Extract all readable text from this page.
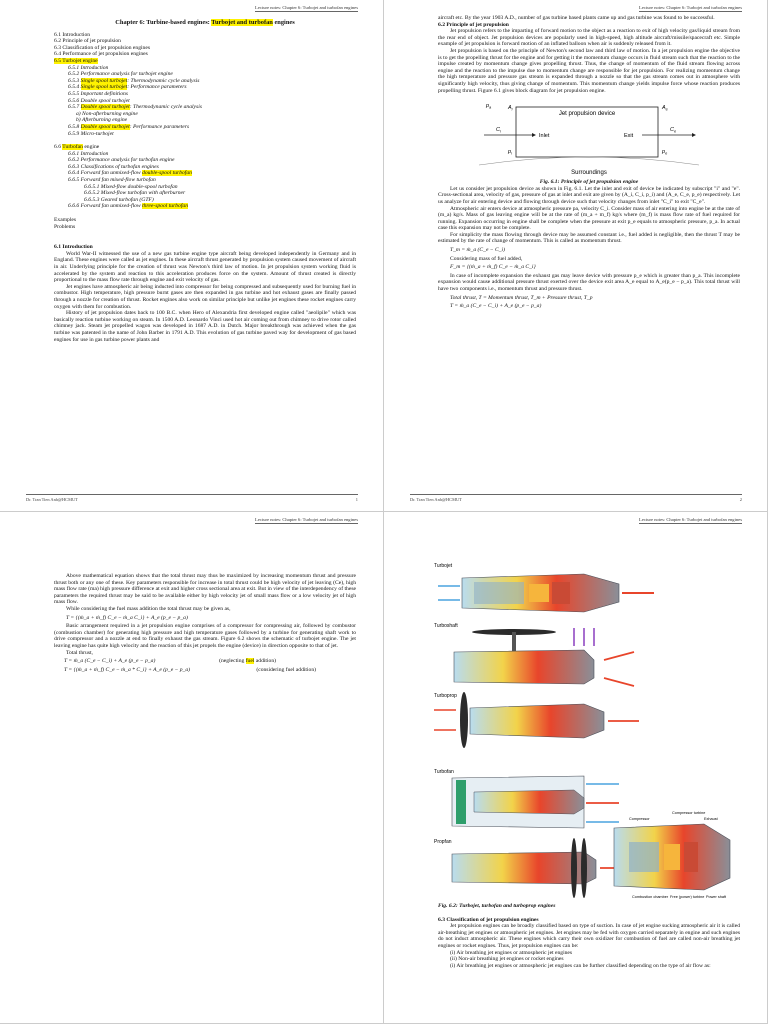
Lecture notes: Chapter 6: Turbojet and turbofan engines
Chapter 6: Turbine-based engines: Turbojet and turbofan engines
6.1 Introduction
6.2 Principle of jet propulsion
6.3 Classification of jet propulsion engines
6.4 Performance of jet propulsion engines
6.5 Turbojet engine
6.5.1 Introduction
6.5.2 Performance analysis for turbojet engine
6.5.3 Single spool turbojet: Thermodynamic cycle analysis
6.5.4 Single spool turbojet: Performance parameters
6.5.5 Important definitions
6.5.6 Double spool turbojet
6.5.7 Double spool turbojet: Thermodynamic cycle analysis
a) Non-afterburning engine
b) Afterburning engine
6.5.8 Double spool turbojet: Performance parameters
6.5.9 Micro-turbojet
6.6 Turbofan engine
6.6.1 Introduction
6.6.2 Performance analysis for turbofan engine
6.6.3 Classifications of turbofan engines
6.6.4 Forward fan unmixed-flow double-spool turbofan
6.6.5 Forward fan mixed-flow turbofan
6.6.5.1 Mixed-flow double-spool turbofan
6.6.5.2 Mixed-flow turbofan with afterburner
6.6.5.3 Geared turbofan (GTF)
6.6.6 Forward fan unmixed-flow three-spool turbofan
Examples
Problems
6.1 Introduction

World War-II witnessed the use of a new gas turbine engine type aircraft being developed independently in Germany and in England. These engines were called as jet engines. In these aircraft thrust generated by propulsion system caused movement of aircraft in air. Underlying principle for the creation of thrust was Newton's third law of motion. In jet propulsion system working fluid is accelerated by the system and reaction to this acceleration produces force on the system. Amount of thrust created is directly proportional to the mass flow rate through engine and exit velocity of gas.

Jet engines have atmospheric air being inducted into compressor for being compressed and subsequently used for burning fuel in combustor. High temperature, high pressure burnt gases are then expanded in gas turbine and hot exhaust gases are finally passed through a nozzle for creation of thrust. Rocket engines also work on similar principle but unlike jet engines these rocket engines carry oxygen with them for combustion.

History of jet propulsion dates back to 100 B.C. when Hero of Alexandria first developed engine called "aeolipile" which was basically reaction turbine working on steam. In 1500 A.D. Leonardo Vinci used hot air coming out from chimney to drive rotor called chimney jack. Steam jet propelled wagon was developed in 1687 A.D. in Dutch. Major breakthrough was achieved when the gas turbine was patented in the name of John Barber in 1791 A.D. This evolution of gas turbine paved way for development of gas based engines for use in gas turbine power plants and

Dr. Tran Tien Anh@HCMUT	1
Lecture notes: Chapter 6: Turbojet and turbofan engines

aircraft etc. By the year 1903 A.D., number of gas turbine based plants came up and gas turbine was found to be successful.

6.2 Principle of jet propulsion

Jet propulsion refers to the imparting of forward motion to the object as a reaction to exit of high velocity gas/liquid stream from the rear end of object. Jet propulsion devices are popularly used in high-speed, high altitude aircraft/missile/spacecraft etc. Simple example of jet propulsion is forward motion of an inflated balloon when air is suddenly released from it.

Jet propulsion is based on the principle of Newton's second law and third law of motion. In a jet propulsion engine the objective is to get the propelling thrust for the engine and for getting it the momentum change occurs in fluid stream such that the reaction to the impulse created by momentum change gives propelling thrust. Thus, the change of momentum of the fluid stream flowing across engine and the reaction to the impulse due to momentum change are responsible for jet propulsion. For realizing momentum change the high temperature and pressure gas stream is expanded through a nozzle so that the gas stream comes out in atmosphere with significantly high velocity, thus giving change of momentum. This momentum change yields impulse force whose reaction produces propelling thrust. Figure 6.1 gives block diagram for jet propulsion engine.

Jet propulsion device
Inlet	Exit
Surroundings
$p_a$	$A_i$	$A_e$
$C_i$	$C_e$
$p_i$	$p_e$
Fig. 6.1: Principle of jet propulsion engine

Let us consider jet propulsion device as shown in Fig. 6.1. Let the inlet and exit of device be indicated by subscript "i" and "e". Cross-sectional area, velocity of gas, pressure of gas at inlet and exit are given by (A_i, C_i, p_i) and (A_e, C_e, p_e) respectively. Let us analyze for air entering device and flowing through device such that velocity changes from inlet "C_i" to exit "C_e".

Atmospheric air enters device at atmospheric pressure pa, velocity C_i. Consider mass of air entering into engine be at the rate of (m_a) kg/s. Mass of gas leaving engine will be at the rate of (m_a + m_f) kg/s where (m_f) is mass flow rate of fuel required for running. Expansion occurring in engine shall be complete when the pressure at exit p_e equals to atmospheric pressure, p_a. In actual case this expansion may not be complete.

For simplicity the mass flowing through device may be assumed constant i.e., fuel added is negligible, then the thrust T may be estimated by the rate of change of momentum. This is called as momentum thrust.

T_m = ṁ_a (C_e − C_i)

Considering mass of fuel added,

F_m = {(ṁ_a + ṁ_f) C_e − ṁ_a C_i}

In case of incomplete expansion the exhaust gas may leave device with pressure p_e which is greater than p_a. This incomplete expansion would cause additional pressure thrust exerted over the device exit area A_e equal to A_e(p_e − p_a). This total thrust will have two components i.e., momentum thrust and pressure thrust.

Total thrust, T = Momentum thrust, T_m + Pressure thrust, T_p
T = ṁ_a (C_e − C_i) + A_e (p_e − p_a)
Dr. Tran Tien Anh@HCMUT	2
Lecture notes: Chapter 6: Turbojet and turbofan engines

Above mathematical equation shows that the total thrust may thus be maximized by increasing momentum thrust and pressure thrust both or any one of these. Key parameters responsible for increase in total thrust could be high velocity of jet leaving (Ce), high mass flow rate (ma) high pressure difference at exit and higher cross sectional area at exit. But in view of the interdependency of these parameters the required thrust may be said to be available either by high velocity jet of small mass flow or a low velocity jet of high mass flow.

While considering the fuel mass addition the total thrust may be given as,

T = {(ṁ_a + ṁ_f) C_e − ṁ_a C_i} + A_e (p_e − p_a)

Basic arrangement required in a jet propulsion engine comprises of a compressor for compressing air, followed by combustor (combustion chamber) for generating high pressure and high temperature gases followed by a turbine for generating shaft work to drive compressor and a nozzle at end to finally exhaust the gas stream. Figure 6.2 shows the schematic of turbojet engine. The jet leaving engine has quite high velocity and the reaction of this jet propels the engine (device) in direction opposite to that of jet.

Total thrust,

T = ṁ_a (C_e − C_i) + A_e (p_e − p_a)	(neglecting fuel addition)
T = {(ṁ_a + ṁ_f) C_e − ṁ_a * C_i} + A_e (p_e − p_a)	(considering fuel addition)
Lecture notes: Chapter 6: Turbojet and turbofan engines
Turbojet
Turboshaft
Turboprop
Turbofan
Propfan
Compressor
Compressor turbine
Exhaust
Combustion chamber Free (power) turbine Power shaft
Fig. 6.2: Turbojet, turbofan and turboprop engines
6.3 Classification of jet propulsion engines

Jet propulsion engines can be broadly classified based on type of suction. In case of jet engine sucking atmospheric air it is called air-breathing jet engines or atmospheric jet engines. Jet engines may be fed with oxygen carried separately in engine and such engines do not induct atmospheric air. These engines which carry their own oxidizer for combustion of fuel are called non-air breathing jet engines or rocket engines. Thus, jet propulsion engines can be:

(i) Air breathing jet engines or atmospheric jet engines
(ii) Non-air breathing jet engines or rocket engines

(i) Air breathing jet engines or atmospheric jet engines can be further classified depending on the type of air flow as:
